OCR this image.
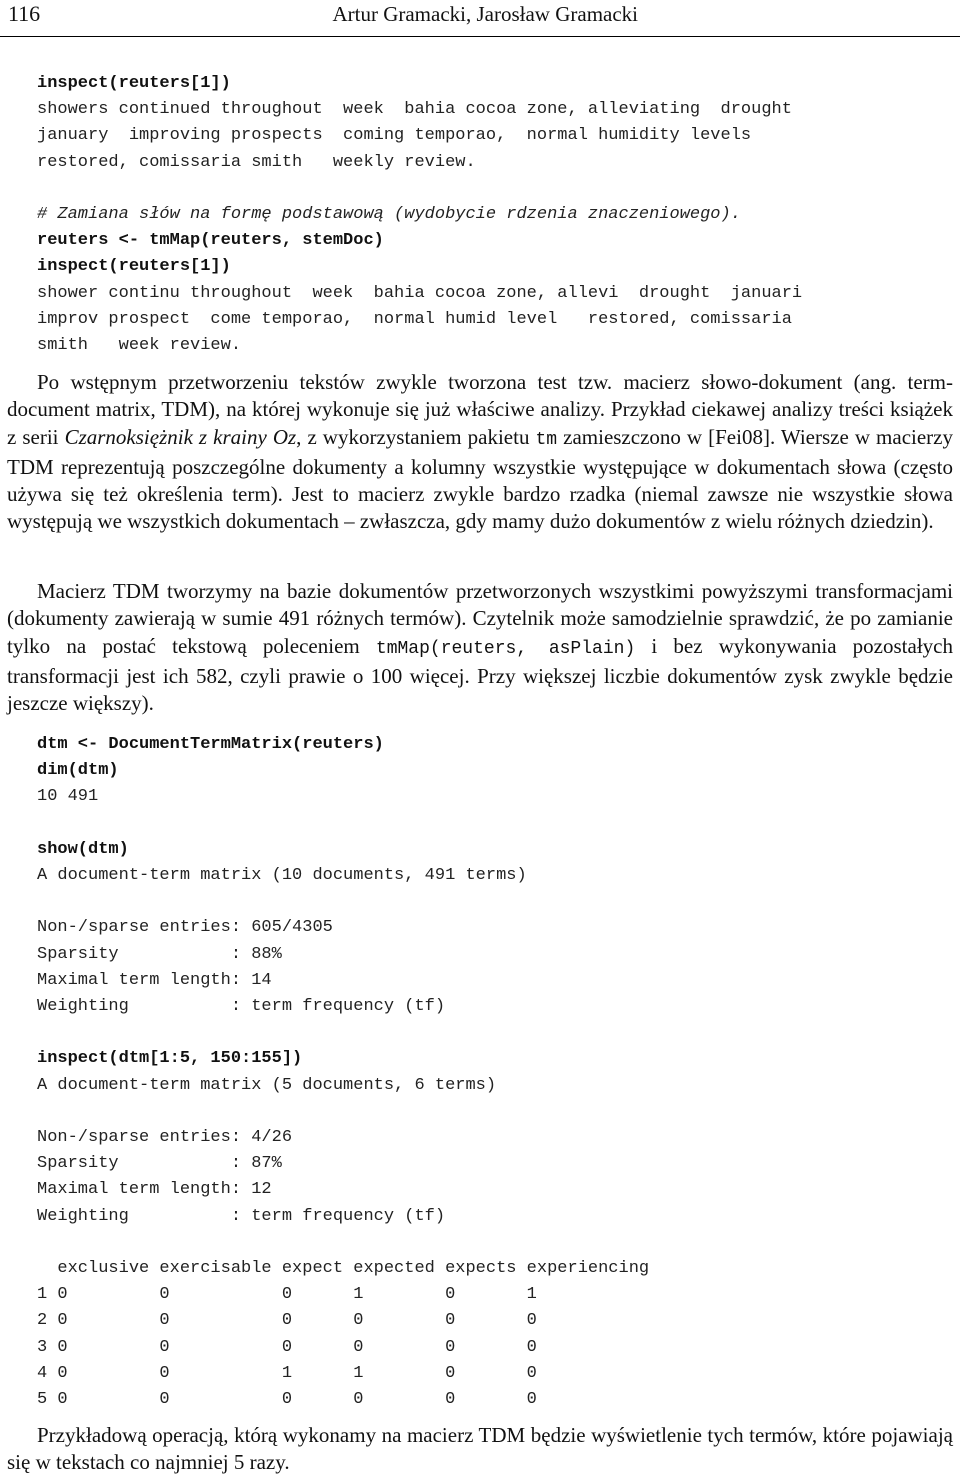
116	Artur Gramacki, Jarosław Gramacki
inspect(reuters[1])
showers continued throughout  week  bahia cocoa zone, alleviating  drought
january  improving prospects  coming temporao,  normal humidity levels
restored, comissaria smith   weekly review.

# Zamiana słów na formę podstawową (wydobycie rdzenia znaczeniowego).
reuters <- tmMap(reuters, stemDoc)
inspect(reuters[1])
shower continu throughout  week  bahia cocoa zone, allevi  drought  januari
improv prospect  come temporao,  normal humid level   restored, comissaria
smith   week review.

Po wstępnym przetworzeniu tekstów zwykle tworzona test tzw. macierz słowo-dokument (ang. term-document matrix, TDM), na której wykonuje się już właściwe analizy. Przykład ciekawej analizy treści książek z serii Czarnoksiężnik z krainy Oz, z wykorzystaniem pakietu tm zamieszczono w [Fei08]. Wiersze w macierzy TDM reprezentują poszczególne dokumenty a kolumny wszystkie występujące w dokumentach słowa (często używa się też określenia term). Jest to macierz zwykle bardzo rzadka (niemal zawsze nie wszystkie słowa występują we wszystkich dokumentach – zwłaszcza, gdy mamy dużo dokumentów z wielu różnych dziedzin).

Macierz TDM tworzymy na bazie dokumentów przetworzonych wszystkimi powyższymi transformacjami (dokumenty zawierają w sumie 491 różnych termów). Czytelnik może samodzielnie sprawdzić, że po zamianie tylko na postać tekstową poleceniem tmMap(reuters, asPlain) i bez wykonywania pozostałych transformacji jest ich 582, czyli prawie o 100 więcej. Przy większej liczbie dokumentów zysk zwykle będzie jeszcze większy).

dtm <- DocumentTermMatrix(reuters)
dim(dtm)
10 491

show(dtm)
A document-term matrix (10 documents, 491 terms)

Non-/sparse entries: 605/4305
Sparsity           : 88%
Maximal term length: 14
Weighting          : term frequency (tf)

inspect(dtm[1:5, 150:155])
A document-term matrix (5 documents, 6 terms)

Non-/sparse entries: 4/26
Sparsity           : 87%
Maximal term length: 12
Weighting          : term frequency (tf)

exclusive exercisable expect expected expects experiencing
1 0         0           0      1        0       1
2 0         0           0      0        0       0
3 0         0           0      0        0       0
4 0         0           1      1        0       0
5 0         0           0      0        0       0

Przykładową operacją, którą wykonamy na macierz TDM będzie wyświetlenie tych termów, które pojawiają się w tekstach co najmniej 5 razy.
